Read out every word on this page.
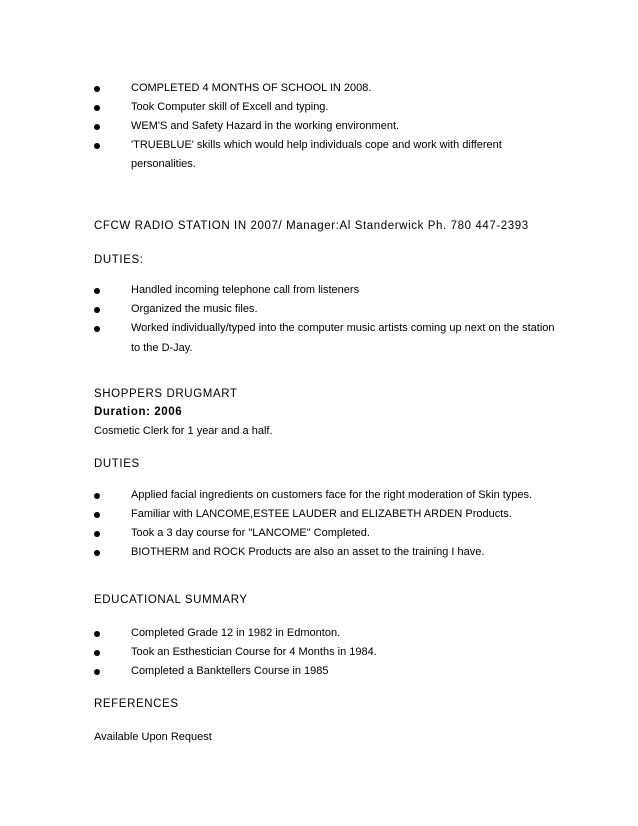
COMPLETED 4 MONTHS OF SCHOOL IN 2008.
Took Computer skill of Excell and typing.
WEM'S and Safety Hazard in the working environment.
'TRUEBLUE' skills which would help individuals cope and work with different
personalities.
CFCW RADIO STATION IN 2007/ Manager:Al Standerwick Ph. 780 447-2393
DUTIES:
Handled incoming telephone call from listeners
Organized the music files.
Worked individually/typed into the computer music artists coming up next on the station
to the D-Jay.
SHOPPERS DRUGMART
Duration: 2006
Cosmetic Clerk for 1 year and a half.
DUTIES
Applied facial ingredients on customers face for the right moderation of Skin types.
Familiar with LANCOME,ESTEE LAUDER and ELIZABETH ARDEN Products.
Took a 3 day course for "LANCOME" Completed.
BIOTHERM and ROCK Products are also an asset to the training I have.
EDUCATIONAL SUMMARY
Completed Grade 12 in 1982 in Edmonton.
Took an Esthestician Course for 4 Months in 1984.
Completed a Banktellers Course in 1985
REFERENCES
Available Upon Request
